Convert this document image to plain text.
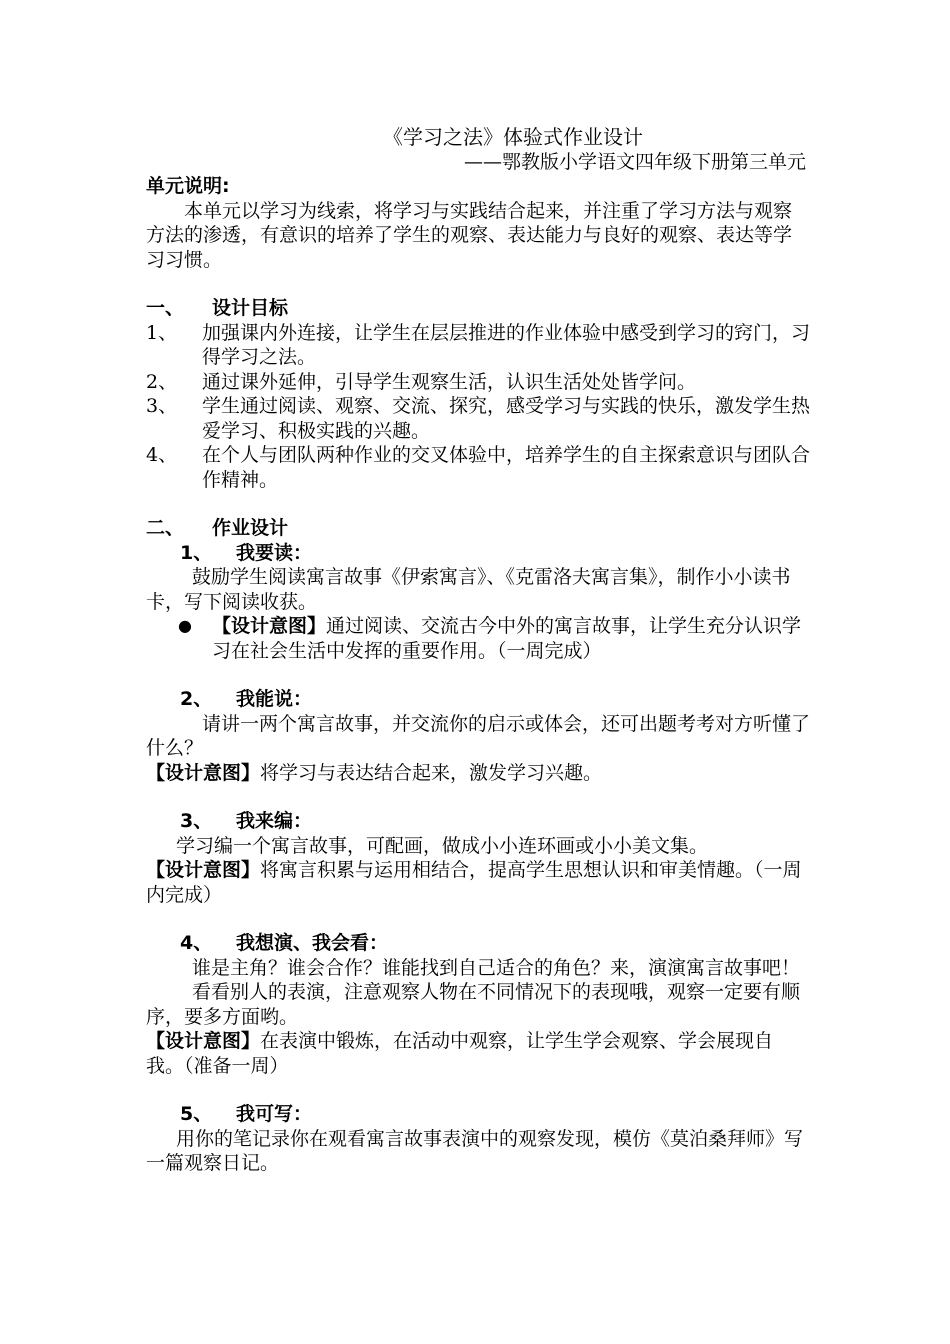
《学习之法》体验式作业设计

——鄂教版小学语文四年级下册第三单元

单元说明:

本单元以学习为线索，将学习与实践结合起来，并注重了学习方法与观察方法的渗透，有意识的培养了学生的观察、表达能力与良好的观察、表达等学习习惯。

一、	设计目标
1、	加强课内外连接，让学生在层层推进的作业体验中感受到学习的窍门，习得学习之法。
2、	通过课外延伸，引导学生观察生活，认识生活处处皆学问。
3、	学生通过阅读、观察、交流、探究，感受学习与实践的快乐，激发学生热爱学习、积极实践的兴趣。
4、	在个人与团队两种作业的交叉体验中，培养学生的自主探索意识与团队合作精神。
二、	作业设计
1、	我要读：

鼓励学生阅读寓言故事《伊索寓言》、《克雷洛夫寓言集》，制作小小读书卡，写下阅读收获。

●	【设计意图】通过阅读、交流古今中外的寓言故事，让学生充分认识学习在社会生活中发挥的重要作用。（一周完成）
2、	我能说：

请讲一两个寓言故事，并交流你的启示或体会，还可出题考考对方听懂了什么？

【设计意图】将学习与表达结合起来，激发学习兴趣。

3、	我来编：

学习编一个寓言故事，可配画，做成小小连环画或小小美文集。

【设计意图】将寓言积累与运用相结合，提高学生思想认识和审美情趣。（一周内完成）

4、	我想演、我会看：

谁是主角？谁会合作？谁能找到自己适合的角色？来，演演寓言故事吧！

看看别人的表演，注意观察人物在不同情况下的表现哦，观察一定要有顺序，要多方面哟。

【设计意图】在表演中锻炼，在活动中观察，让学生学会观察、学会展现自我。（准备一周）

5、	我可写：

用你的笔记录你在观看寓言故事表演中的观察发现，模仿《莫泊桑拜师》写一篇观察日记。
